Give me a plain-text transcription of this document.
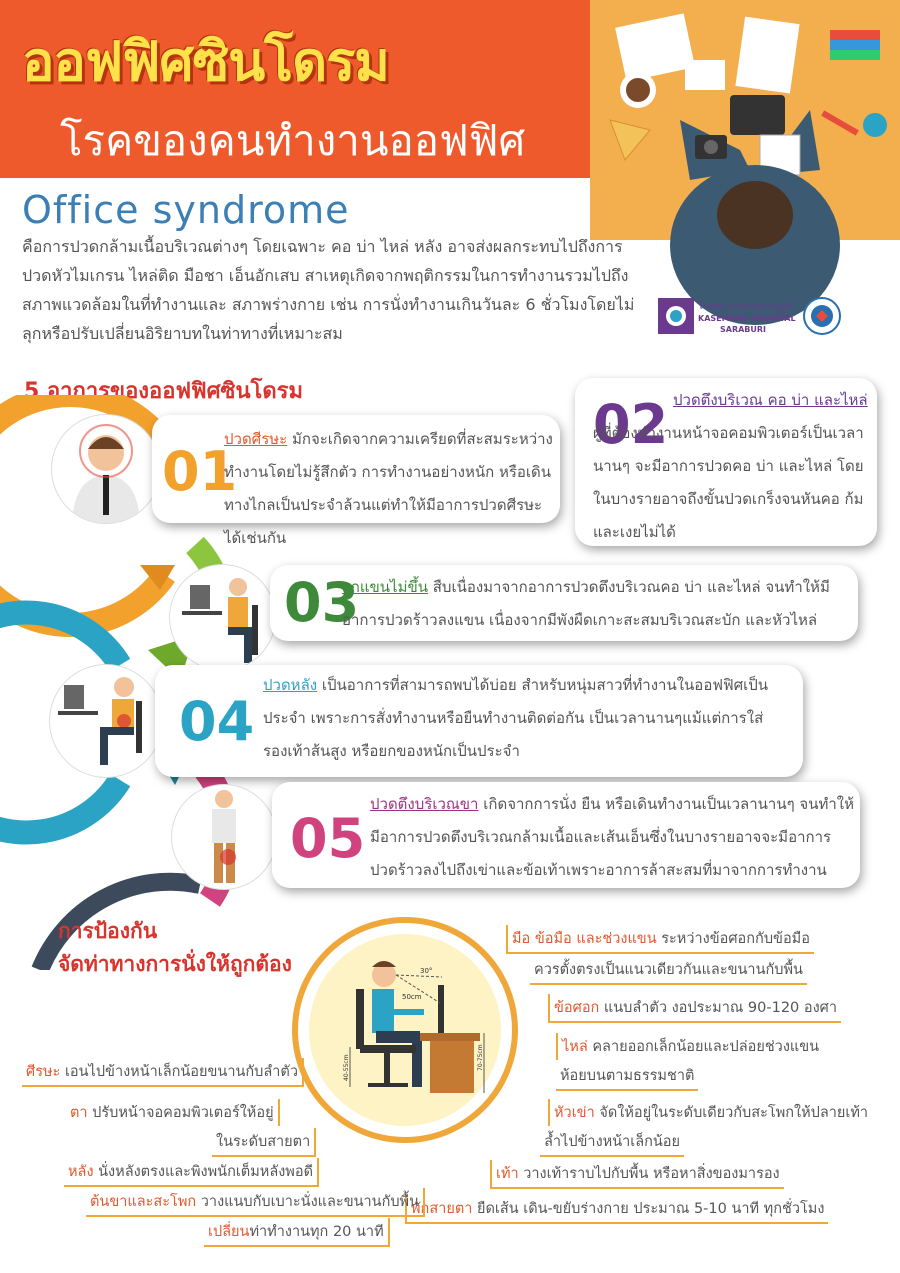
ออฟฟิศซินโดรม
โรคของคนทำงานออฟฟิศ
Office syndrome
คือการปวดกล้ามเนื้อบริเวณต่างๆ โดยเฉพาะ คอ บ่า ไหล่ หลัง อาจส่งผลกระทบไปถึงการปวดหัวไมเกรน ไหล่ติด มือชา เอ็นอักเสบ สาเหตุเกิดจากพฤติกรรมในการทำงานรวมไปถึงสภาพแวดล้อมในที่ทำงานและ สภาพร่างกาย เช่น การนั่งทำงานเกินวันละ 6 ชั่วโมงโดยไม่ลุกหรือปรับเปลี่ยนอิริยาบทในท่าทางที่เหมาะสม
โรงพยาบาลเกษมราษฎร์
KASEMRAD HOSPITAL
SARABURI
5 อาการของออฟฟิศซินโดรม
01
ปวดศีรษะ มักจะเกิดจากความเครียดที่สะสมระหว่างทำงานโดยไม่รู้สึกตัว การทำงานอย่างหนัก หรือเดินทางไกลเป็นประจำล้วนแต่ทำให้มีอาการปวดศีรษะได้เช่นกัน
02 ปวดตึงบริเวณ คอ บ่า และไหล่ ผู้ที่ต้องทำงานหน้าจอคอมพิวเตอร์เป็นเวลานานๆ จะมีอาการปวดคอ บ่า และไหล่ โดยในบางรายอาจถึงขั้นปวดเกร็งจนหันคอ ก้ม และเงยไม่ได้
03
ยกแขนไม่ขึ้น สืบเนื่องมาจากอาการปวดตึงบริเวณคอ บ่า และไหล่ จนทำให้มีอาการปวดร้าวลงแขน เนื่องจากมีพังผืดเกาะสะสมบริเวณสะบัก และหัวไหล่
04
ปวดหลัง เป็นอาการที่สามารถพบได้บ่อย สำหรับหนุ่มสาวที่ทำงานในออฟฟิศเป็นประจำ เพราะการสั่งทำงานหรือยืนทำงานติดต่อกัน เป็นเวลานานๆแม้แต่การใส่รองเท้าส้นสูง หรือยกของหนักเป็นประจำ
05
ปวดตึงบริเวณขา เกิดจากการนั่ง ยืน หรือเดินทำงานเป็นเวลานานๆ จนทำให้มีอาการปวดตึงบริเวณกล้ามเนื้อและเส้นเอ็นซึ่งในบางรายอาจจะมีอาการปวดร้าวลงไปถึงเข่าและข้อเท้าเพราะอาการล้าสะสมที่มาจากการทำงาน
การป้องกัน
จัดท่าทางการนั่งให้ถูกต้อง	30°
50cm
70-75cm
40-55cm
มือ ข้อมือ และช่วงแขน ระหว่างข้อศอกกับข้อมือ
ควรตั้งตรงเป็นแนวเดียวกันและขนานกับพื้น
ข้อศอก แนบลำตัว งอประมาณ 90-120 องศา
ไหล่ คลายออกเล็กน้อยและปล่อยช่วงแขน
ห้อยบนตามธรรมชาติ
หัวเข่า จัดให้อยู่ในระดับเดียวกับสะโพกให้ปลายเท้า
ล้ำไปข้างหน้าเล็กน้อย
เท้า วางเท้าราบไปกับพื้น หรือหาสิ่งของมารอง
พักสายตา ยืดเส้น เดิน-ขยับร่างกาย ประมาณ 5-10 นาที ทุกชั่วโมง
ศีรษะ เอนไปข้างหน้าเล็กน้อยขนานกับลำตัว
ตา ปรับหน้าจอคอมพิวเตอร์ให้อยู่
ในระดับสายตา
หลัง นั่งหลังตรงและพิงพนักเต็มหลังพอดี
ต้นขาและสะโพก วางแนบกับเบาะนั่งและขนานกับพื้น
เปลี่ยนท่าทำงานทุก 20 นาที
